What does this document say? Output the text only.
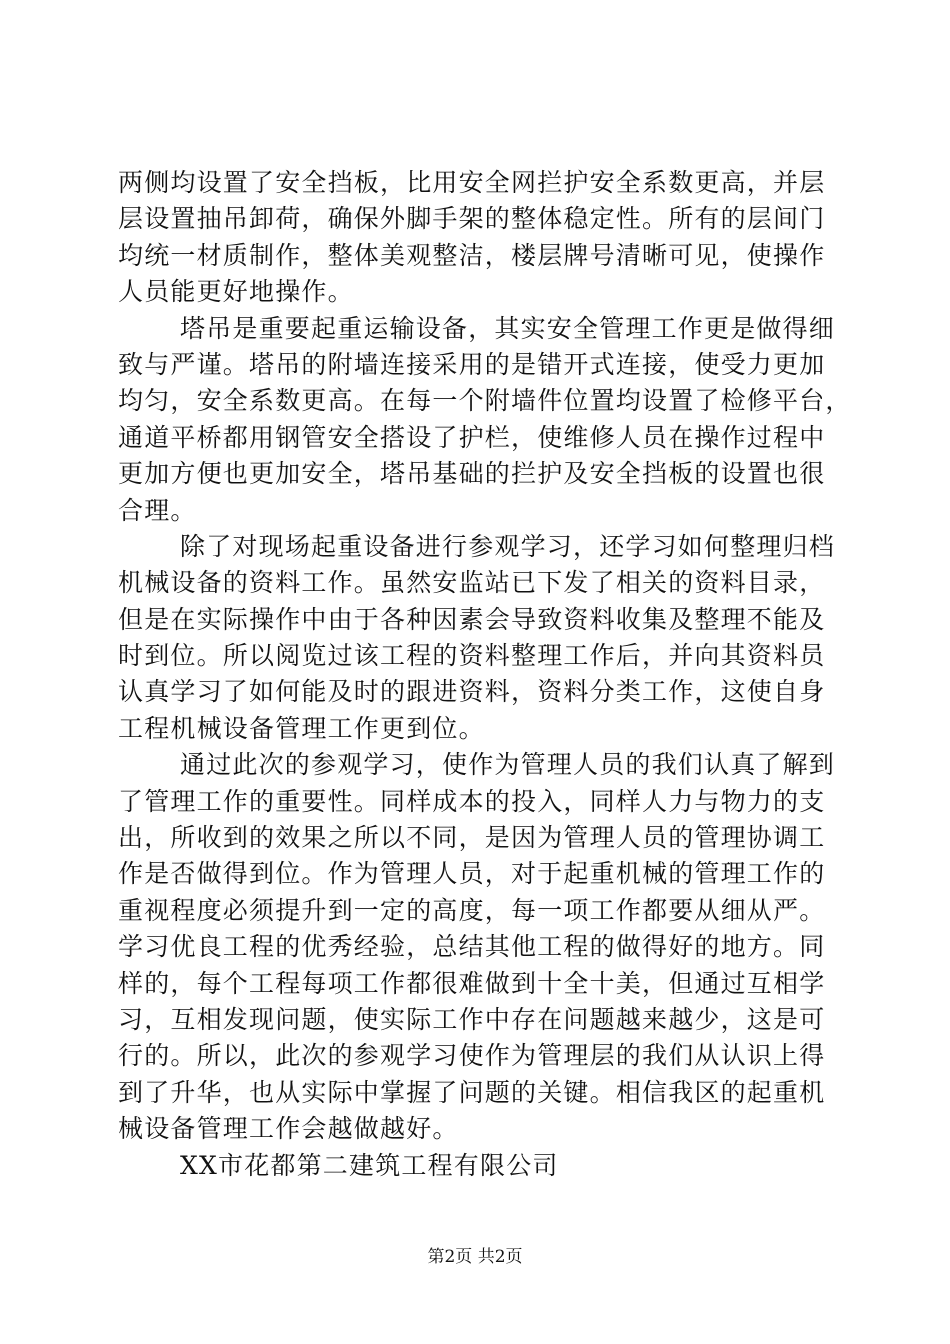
两侧均设置了安全挡板，比用安全网拦护安全系数更高，并层
层设置抽吊卸荷，确保外脚手架的整体稳定性。所有的层间门
均统一材质制作，整体美观整洁，楼层牌号清晰可见，使操作
人员能更好地操作。
塔吊是重要起重运输设备，其实安全管理工作更是做得细
致与严谨。塔吊的附墙连接采用的是错开式连接，使受力更加
均匀，安全系数更高。在每一个附墙件位置均设置了检修平台，
通道平桥都用钢管安全搭设了护栏，使维修人员在操作过程中
更加方便也更加安全，塔吊基础的拦护及安全挡板的设置也很
合理。
除了对现场起重设备进行参观学习，还学习如何整理归档
机械设备的资料工作。虽然安监站已下发了相关的资料目录，
但是在实际操作中由于各种因素会导致资料收集及整理不能及
时到位。所以阅览过该工程的资料整理工作后，并向其资料员
认真学习了如何能及时的跟进资料，资料分类工作，这使自身
工程机械设备管理工作更到位。
通过此次的参观学习，使作为管理人员的我们认真了解到
了管理工作的重要性。同样成本的投入，同样人力与物力的支
出，所收到的效果之所以不同，是因为管理人员的管理协调工
作是否做得到位。作为管理人员，对于起重机械的管理工作的
重视程度必须提升到一定的高度，每一项工作都要从细从严。
学习优良工程的优秀经验，总结其他工程的做得好的地方。同
样的，每个工程每项工作都很难做到十全十美，但通过互相学
习，互相发现问题，使实际工作中存在问题越来越少，这是可
行的。所以，此次的参观学习使作为管理层的我们从认识上得
到了升华，也从实际中掌握了问题的关键。相信我区的起重机
械设备管理工作会越做越好。
XX市花都第二建筑工程有限公司
第2页 共2页
